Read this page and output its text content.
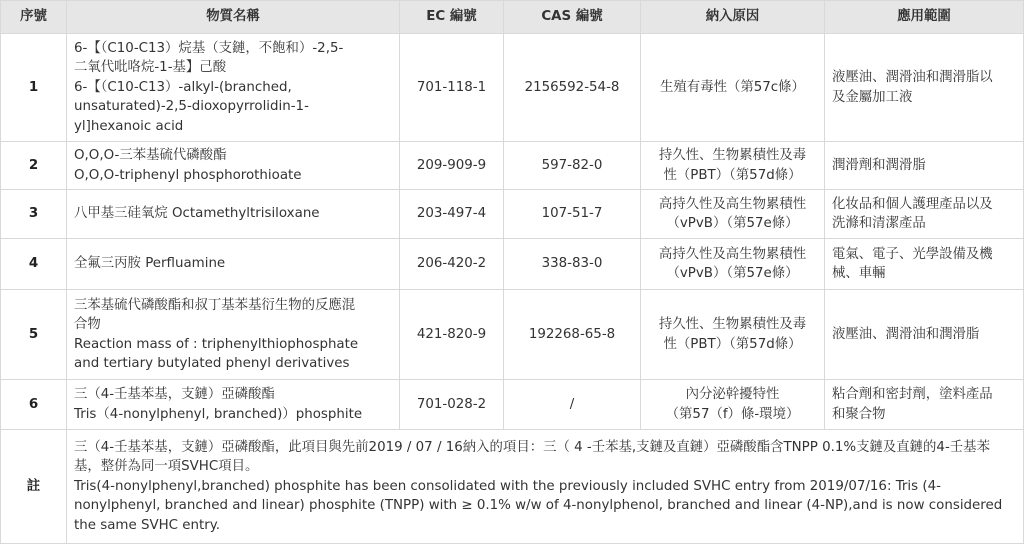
序號	物質名稱	EC 編號	CAS 編號	納入原因	應用範圍
1	6-【（C10-C13）烷基（支鏈，不飽和）-2,5-
二氧代吡咯烷-1-基】己酸
6-【（C10-C13）-alkyl-(branched,
unsaturated)-2,5-dioxopyrrolidin-1-
yl]hexanoic acid	701-118-1	2156592-54-8	生殖有毒性（第57c條）	液壓油、潤滑油和潤滑脂以
及金屬加工液

2	O,O,O-三苯基硫代磷酸酯
O,O,O-triphenyl phosphorothioate	209-909-9	597-82-0	持久性、生物累積性及毒
性（PBT）（第57d條）	潤滑劑和潤滑脂

3	八甲基三硅氧烷 Octamethyltrisiloxane	203-497-4	107-51-7	高持久性及高生物累積性
（vPvB）（第57e條）	化妆品和個人護理產品以及
洗滌和清潔產品

4	全氟三丙胺 Perfluamine	206-420-2	338-83-0	高持久性及高生物累積性
（vPvB）（第57e條）	電氣、電子、光學設備及機
械、車輛

5	三苯基硫代磷酸酯和叔丁基苯基衍生物的反應混
合物
Reaction mass of : triphenylthiophosphate
and tertiary butylated phenyl derivatives	421-820-9	192268-65-8	持久性、生物累積性及毒
性（PBT）（第57d條）	液壓油、潤滑油和潤滑脂

6	三（4-壬基苯基，支鏈）亞磷酸酯
Tris（4-nonylphenyl, branched)）phosphite	701-028-2	/	內分泌幹擾特性
（第57（f）條-環境）	粘合劑和密封劑，塗料產品
和聚合物

註	三（4-壬基苯基，支鏈）亞磷酸酯，此項目與先前2019 / 07 / 16納入的項目：三（ 4 -壬苯基,支鏈及直鏈）亞磷酸酯含TNPP 0.1%支鏈及直鏈的4-壬基苯基，整併為同一項SVHC項目。
Tris(4-nonylphenyl,branched) phosphite has been consolidated with the previously included SVHC entry from 2019/07/16: Tris (4-nonylphenyl, branched and linear) phosphite (TNPP) with ≥ 0.1% w/w of 4-nonylphenol, branched and linear (4-NP),and is now considered the same SVHC entry.				
